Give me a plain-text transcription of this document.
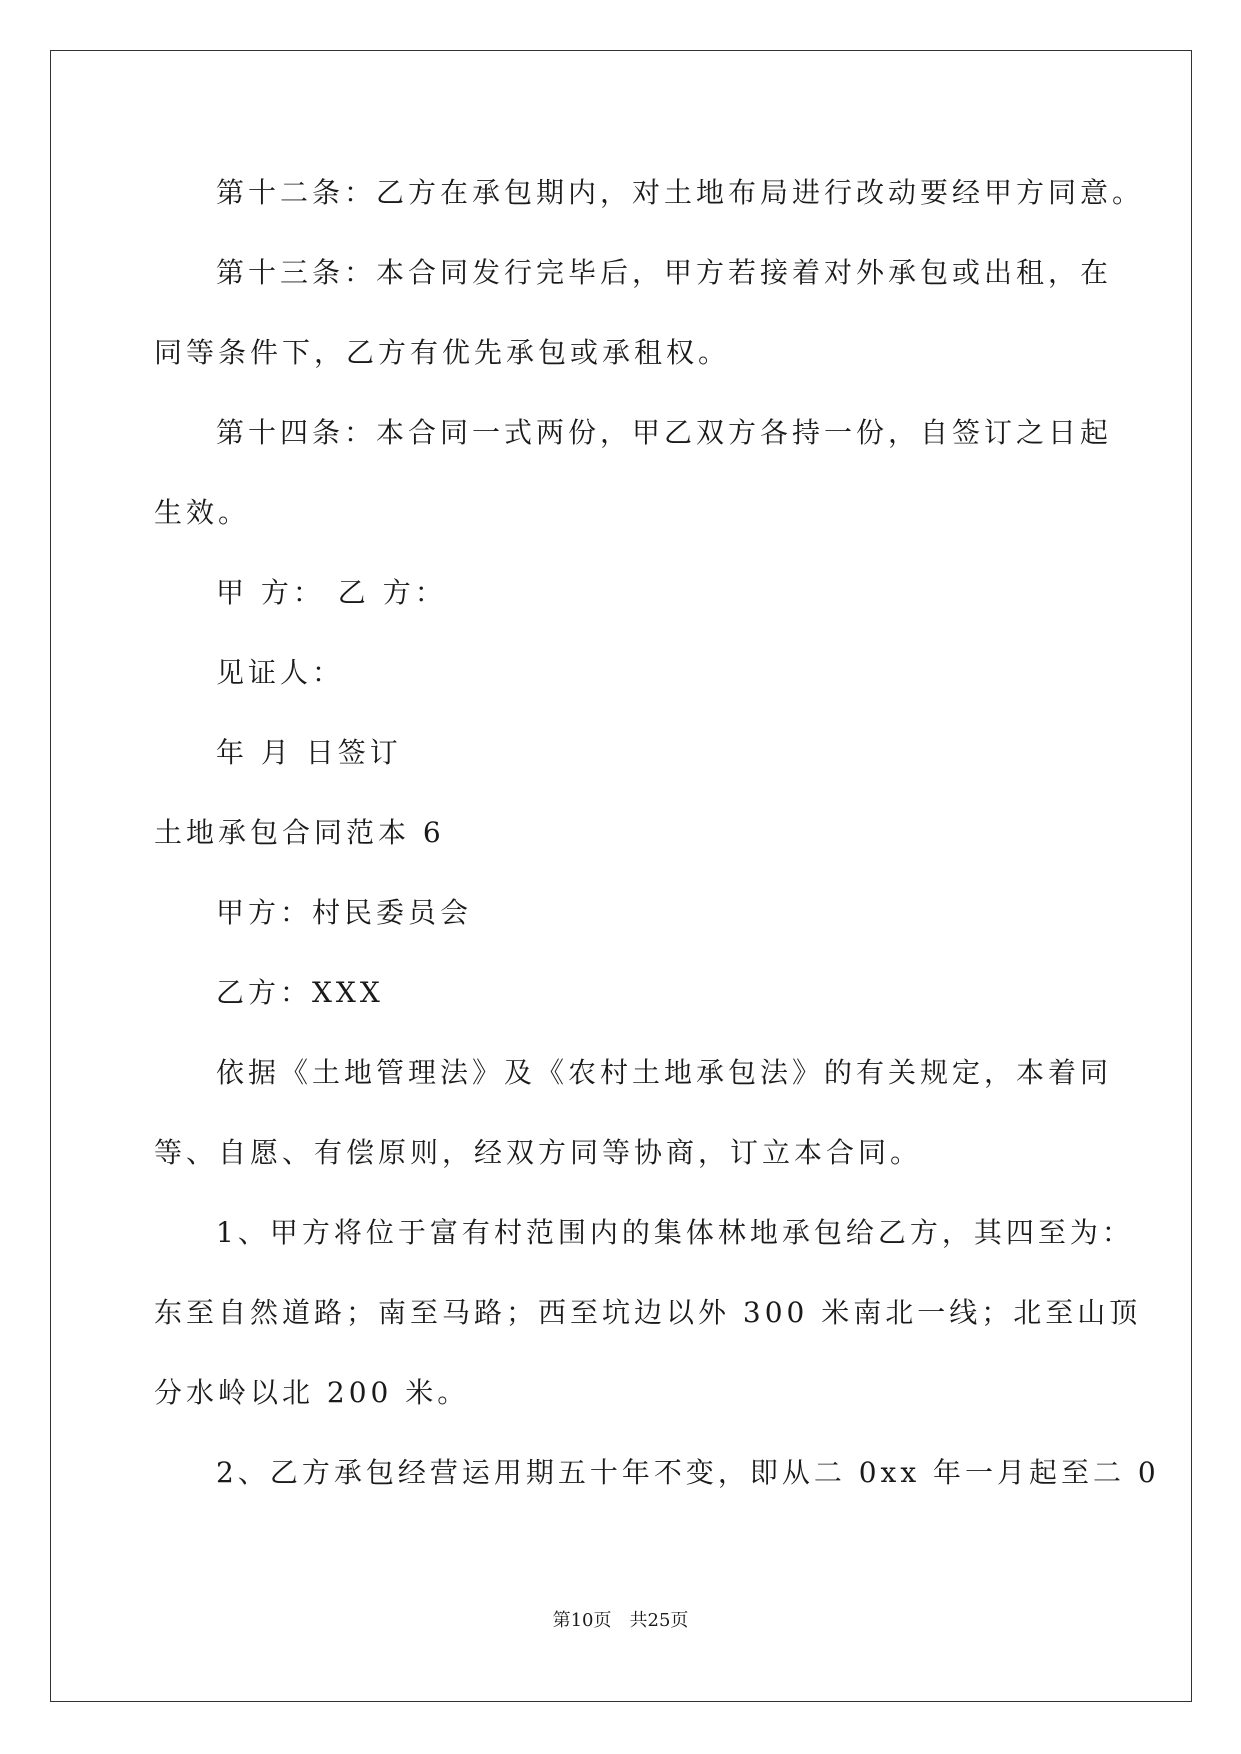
第十二条：乙方在承包期内，对土地布局进行改动要经甲方同意。
第十三条：本合同发行完毕后，甲方若接着对外承包或出租，在
同等条件下，乙方有优先承包或承租权。
第十四条：本合同一式两份，甲乙双方各持一份，自签订之日起
生效。
甲 方： 乙 方：
见证人：
年 月 日签订
土地承包合同范本 6
甲方：村民委员会
乙方：XXX
依据《土地管理法》及《农村土地承包法》的有关规定，本着同
等、自愿、有偿原则，经双方同等协商，订立本合同。
1、甲方将位于富有村范围内的集体林地承包给乙方，其四至为：
东至自然道路；南至马路；西至坑边以外 300 米南北一线；北至山顶
分水岭以北 200 米。
2、乙方承包经营运用期五十年不变，即从二 0xx 年一月起至二 0
第10页　共25页
